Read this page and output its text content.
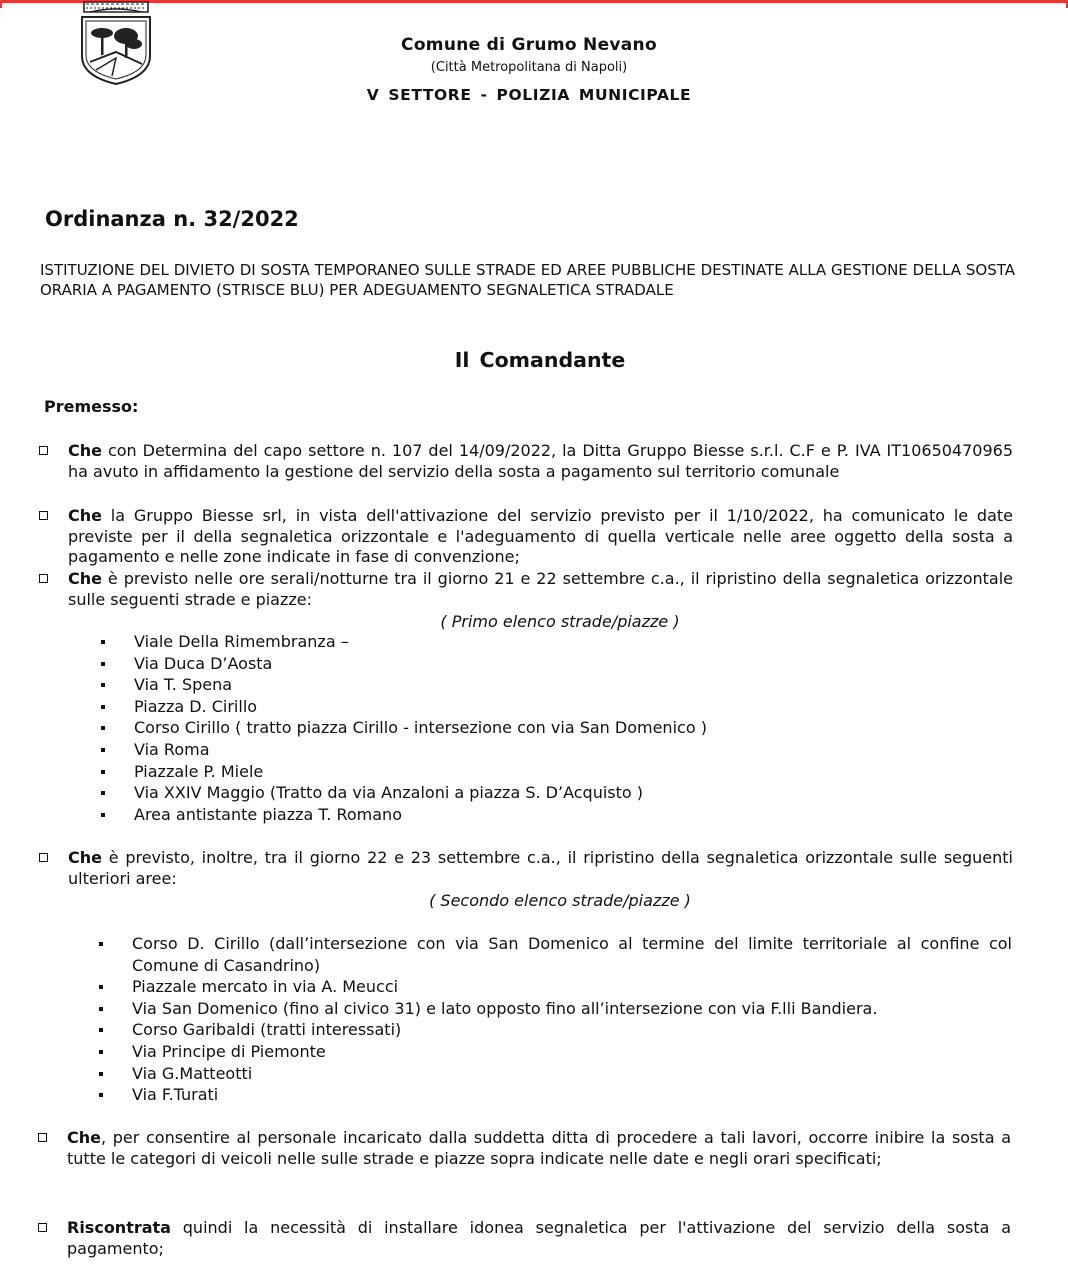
Comune di Grumo Nevano
(Città Metropolitana di Napoli)
V SETTORE - POLIZIA MUNICIPALE
Ordinanza n. 32/2022
ISTITUZIONE DEL DIVIETO DI SOSTA TEMPORANEO SULLE STRADE ED AREE PUBBLICHE DESTINATE ALLA GESTIONE DELLA SOSTA ORARIA A PAGAMENTO (STRISCE BLU) PER ADEGUAMENTO SEGNALETICA STRADALE
Il Comandante
Premesso:
Che con Determina del capo settore n. 107 del 14/09/2022, la Ditta Gruppo Biesse s.r.l. C.F e P. IVA IT10650470965 ha avuto in affidamento la gestione del servizio della sosta a pagamento sul territorio comunale
Che la Gruppo Biesse srl, in vista dell'attivazione del servizio previsto per il 1/10/2022, ha comunicato le date previste per il della segnaletica orizzontale e l'adeguamento di quella verticale nelle aree oggetto della sosta a pagamento e nelle zone indicate in fase di convenzione;
Che è previsto nelle ore serali/notturne tra il giorno 21 e 22 settembre c.a., il ripristino della segnaletica orizzontale sulle seguenti strade e piazze:
( Primo elenco strade/piazze )
Viale Della Rimembranza –
Via Duca D’Aosta
Via T. Spena
Piazza D. Cirillo
Corso Cirillo ( tratto piazza Cirillo - intersezione con via San Domenico )
Via Roma
Piazzale P. Miele
Via XXIV Maggio (Tratto da via Anzaloni a piazza S. D’Acquisto )
Area antistante piazza T. Romano
Che è previsto, inoltre, tra il giorno 22 e 23 settembre c.a., il ripristino della segnaletica orizzontale sulle seguenti ulteriori aree:
( Secondo elenco strade/piazze )
Corso D. Cirillo (dall’intersezione con via San Domenico al termine del limite territoriale al confine col Comune di Casandrino)
Piazzale mercato in via A. Meucci
Via San Domenico (fino al civico 31) e lato opposto fino all’intersezione con via F.lli Bandiera.
Corso Garibaldi (tratti interessati)
Via Principe di Piemonte
Via G.Matteotti
Via F.Turati
Che, per consentire al personale incaricato dalla suddetta ditta di procedere a tali lavori, occorre inibire la sosta a tutte le categori di veicoli nelle sulle strade e piazze sopra indicate nelle date e negli orari specificati;
Riscontrata quindi la necessità di installare idonea segnaletica per l'attivazione del servizio della sosta a pagamento;
